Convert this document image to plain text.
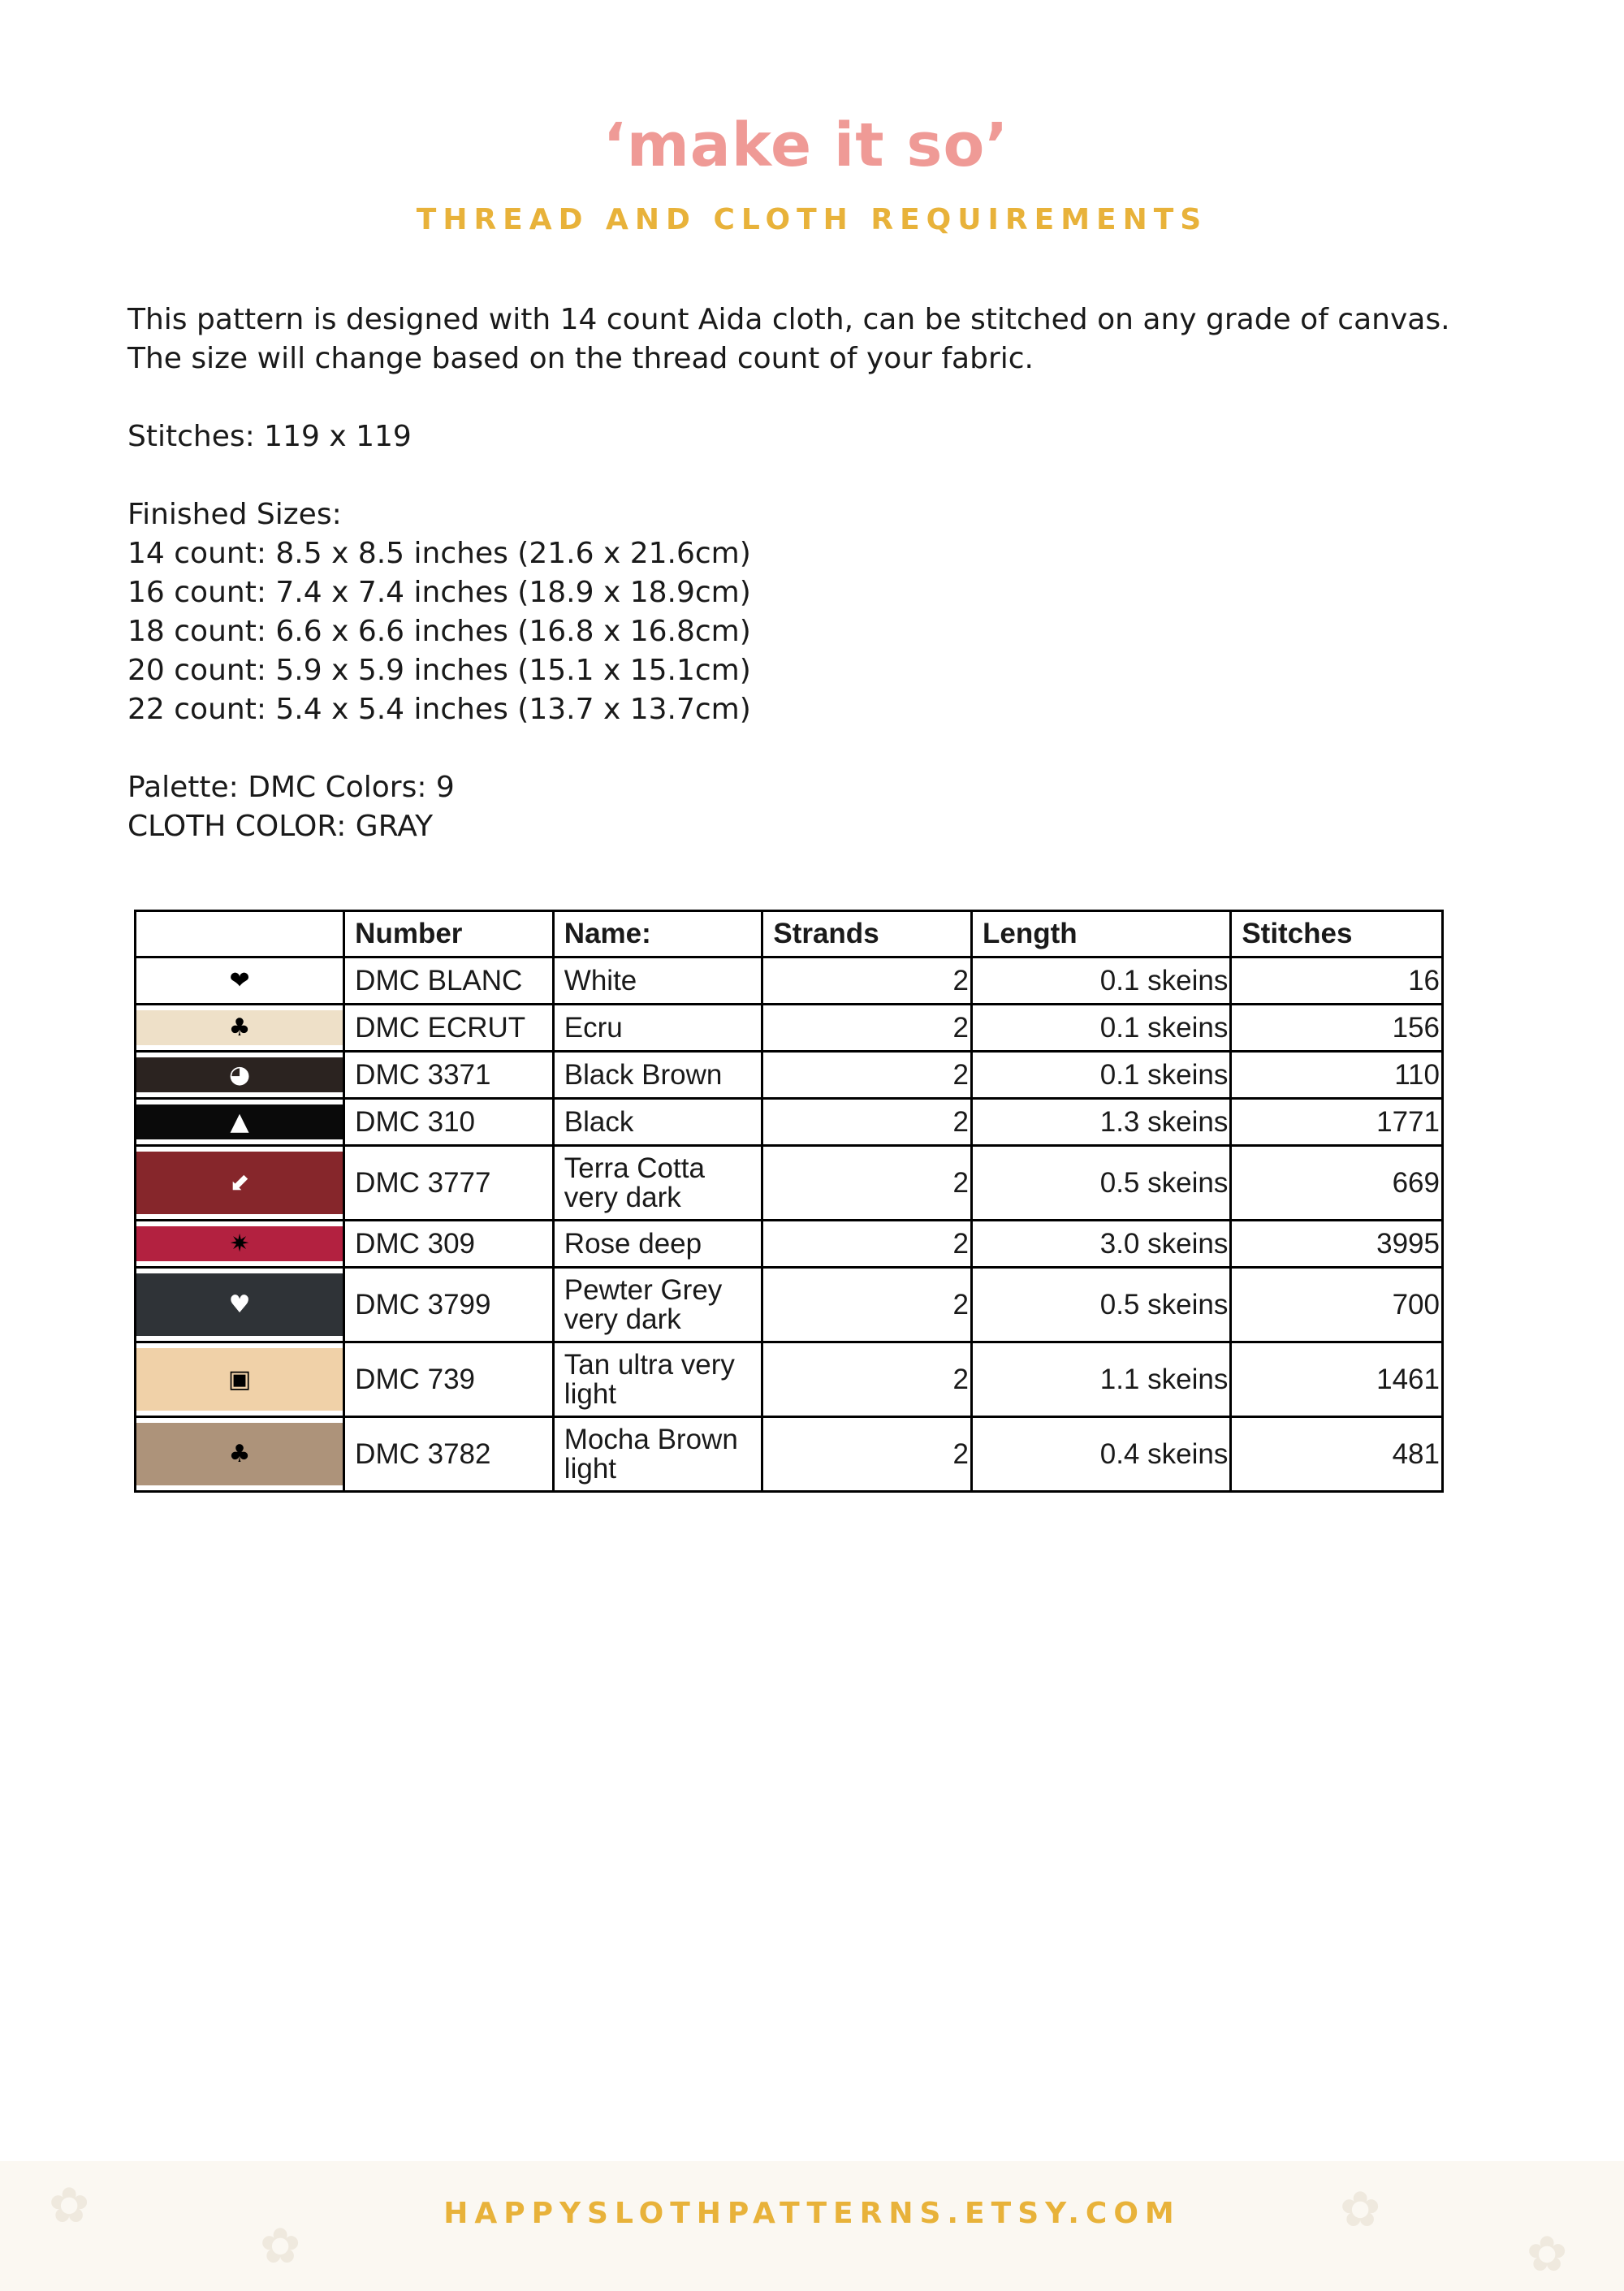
‘make it so’
THREAD AND CLOTH REQUIREMENTS

This pattern is designed with 14 count Aida cloth, can be stitched on any grade of canvas. The size will change based on the thread count of your fabric.

Stitches: 119 x 119

Finished Sizes:

14 count: 8.5 x 8.5 inches (21.6 x 21.6cm)

16 count: 7.4 x 7.4 inches (18.9 x 18.9cm)

18 count: 6.6 x 6.6 inches (16.8 x 16.8cm)

20 count: 5.9 x 5.9 inches (15.1 x 15.1cm)

22 count: 5.4 x 5.4 inches (13.7 x 13.7cm)

Palette: DMC Colors: 9

CLOTH COLOR: GRAY

	Number	Name:	Strands	Length	Stitches

❤	DMC BLANC	White	2	0.1 skeins	16

♣	DMC ECRUT	Ecru	2	0.1 skeins	156

◕	DMC 3371	Black Brown	2	0.1 skeins	110

▲	DMC 310	Black	2	1.3 skeins	1771

⬋	DMC 3777	Terra Cotta very dark	2	0.5 skeins	669

✷	DMC 309	Rose deep	2	3.0 skeins	3995

♥	DMC 3799	Pewter Grey very dark	2	0.5 skeins	700

▣	DMC 739	Tan ultra very light	2	1.1 skeins	1461

♣	DMC 3782	Mocha Brown light	2	0.4 skeins	481
✿
✿
✿
✿
HAPPYSLOTHPATTERNS.ETSY.COM
